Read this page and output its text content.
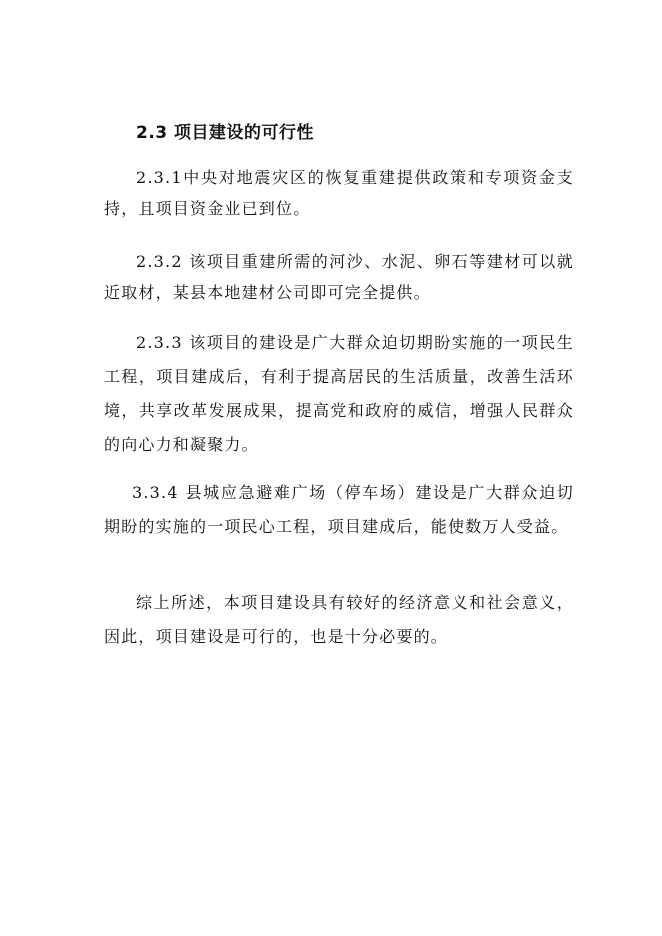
2.3 项目建设的可行性

2.3.1中央对地震灾区的恢复重建提供政策和专项资金支持，且项目资金业已到位。

2.3.2 该项目重建所需的河沙、水泥、卵石等建材可以就近取材，某县本地建材公司即可完全提供。

2.3.3 该项目的建设是广大群众迫切期盼实施的一项民生工程，项目建成后，有利于提高居民的生活质量，改善生活环境，共享改革发展成果，提高党和政府的威信，增强人民群众的向心力和凝聚力。

3.3.4 县城应急避难广场（停车场）建设是广大群众迫切期盼的实施的一项民心工程，项目建成后，能使数万人受益。

综上所述，本项目建设具有较好的经济意义和社会意义，因此，项目建设是可行的，也是十分必要的。
